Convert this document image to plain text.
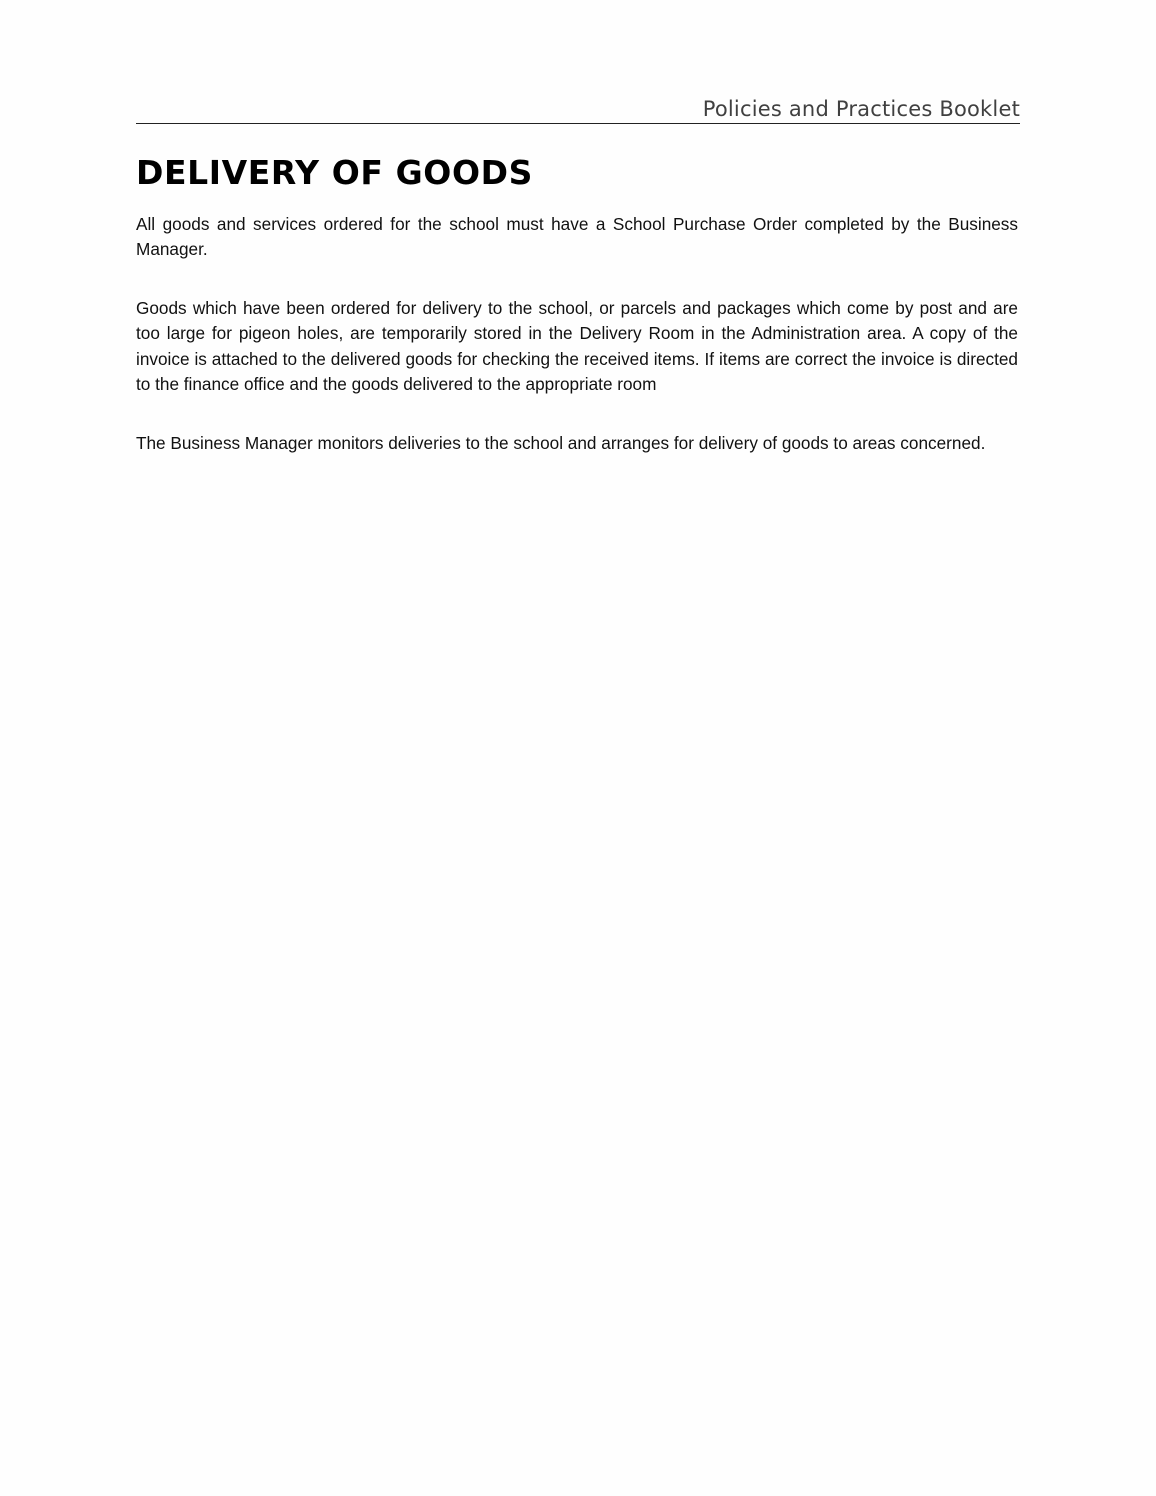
Policies and Practices Booklet
DELIVERY OF GOODS

All goods and services ordered for the school must have a School Purchase Order completed by the Business Manager.

Goods which have been ordered for delivery to the school, or parcels and packages which come by post and are too large for pigeon holes, are temporarily stored in the Delivery Room in the Administration area. A copy of the invoice is attached to the delivered goods for checking the received items. If items are correct the invoice is directed to the finance office and the goods delivered to the appropriate room

The Business Manager monitors deliveries to the school and arranges for delivery of goods to areas concerned.
